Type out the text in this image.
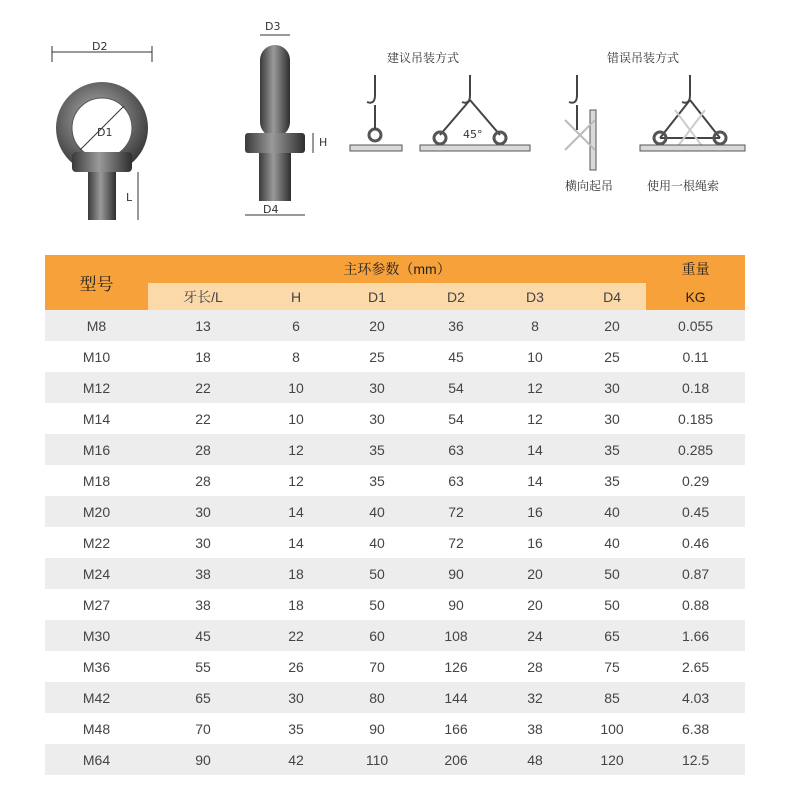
D2
D1
L
D3
H
D4
建议吊装方式
45°
错误吊装方式
横向起吊	使用一根绳索
型号	主环参数（mm）						重量
	牙长/L	H	D1	D2	D3	D4	KG
M8	13	6	20	36	8	20	0.055
M10	18	8	25	45	10	25	0.11
M12	22	10	30	54	12	30	0.18
M14	22	10	30	54	12	30	0.185
M16	28	12	35	63	14	35	0.285
M18	28	12	35	63	14	35	0.29
M20	30	14	40	72	16	40	0.45
M22	30	14	40	72	16	40	0.46
M24	38	18	50	90	20	50	0.87
M27	38	18	50	90	20	50	0.88
M30	45	22	60	108	24	65	1.66
M36	55	26	70	126	28	75	2.65
M42	65	30	80	144	32	85	4.03
M48	70	35	90	166	38	100	6.38
M64	90	42	110	206	48	120	12.5
